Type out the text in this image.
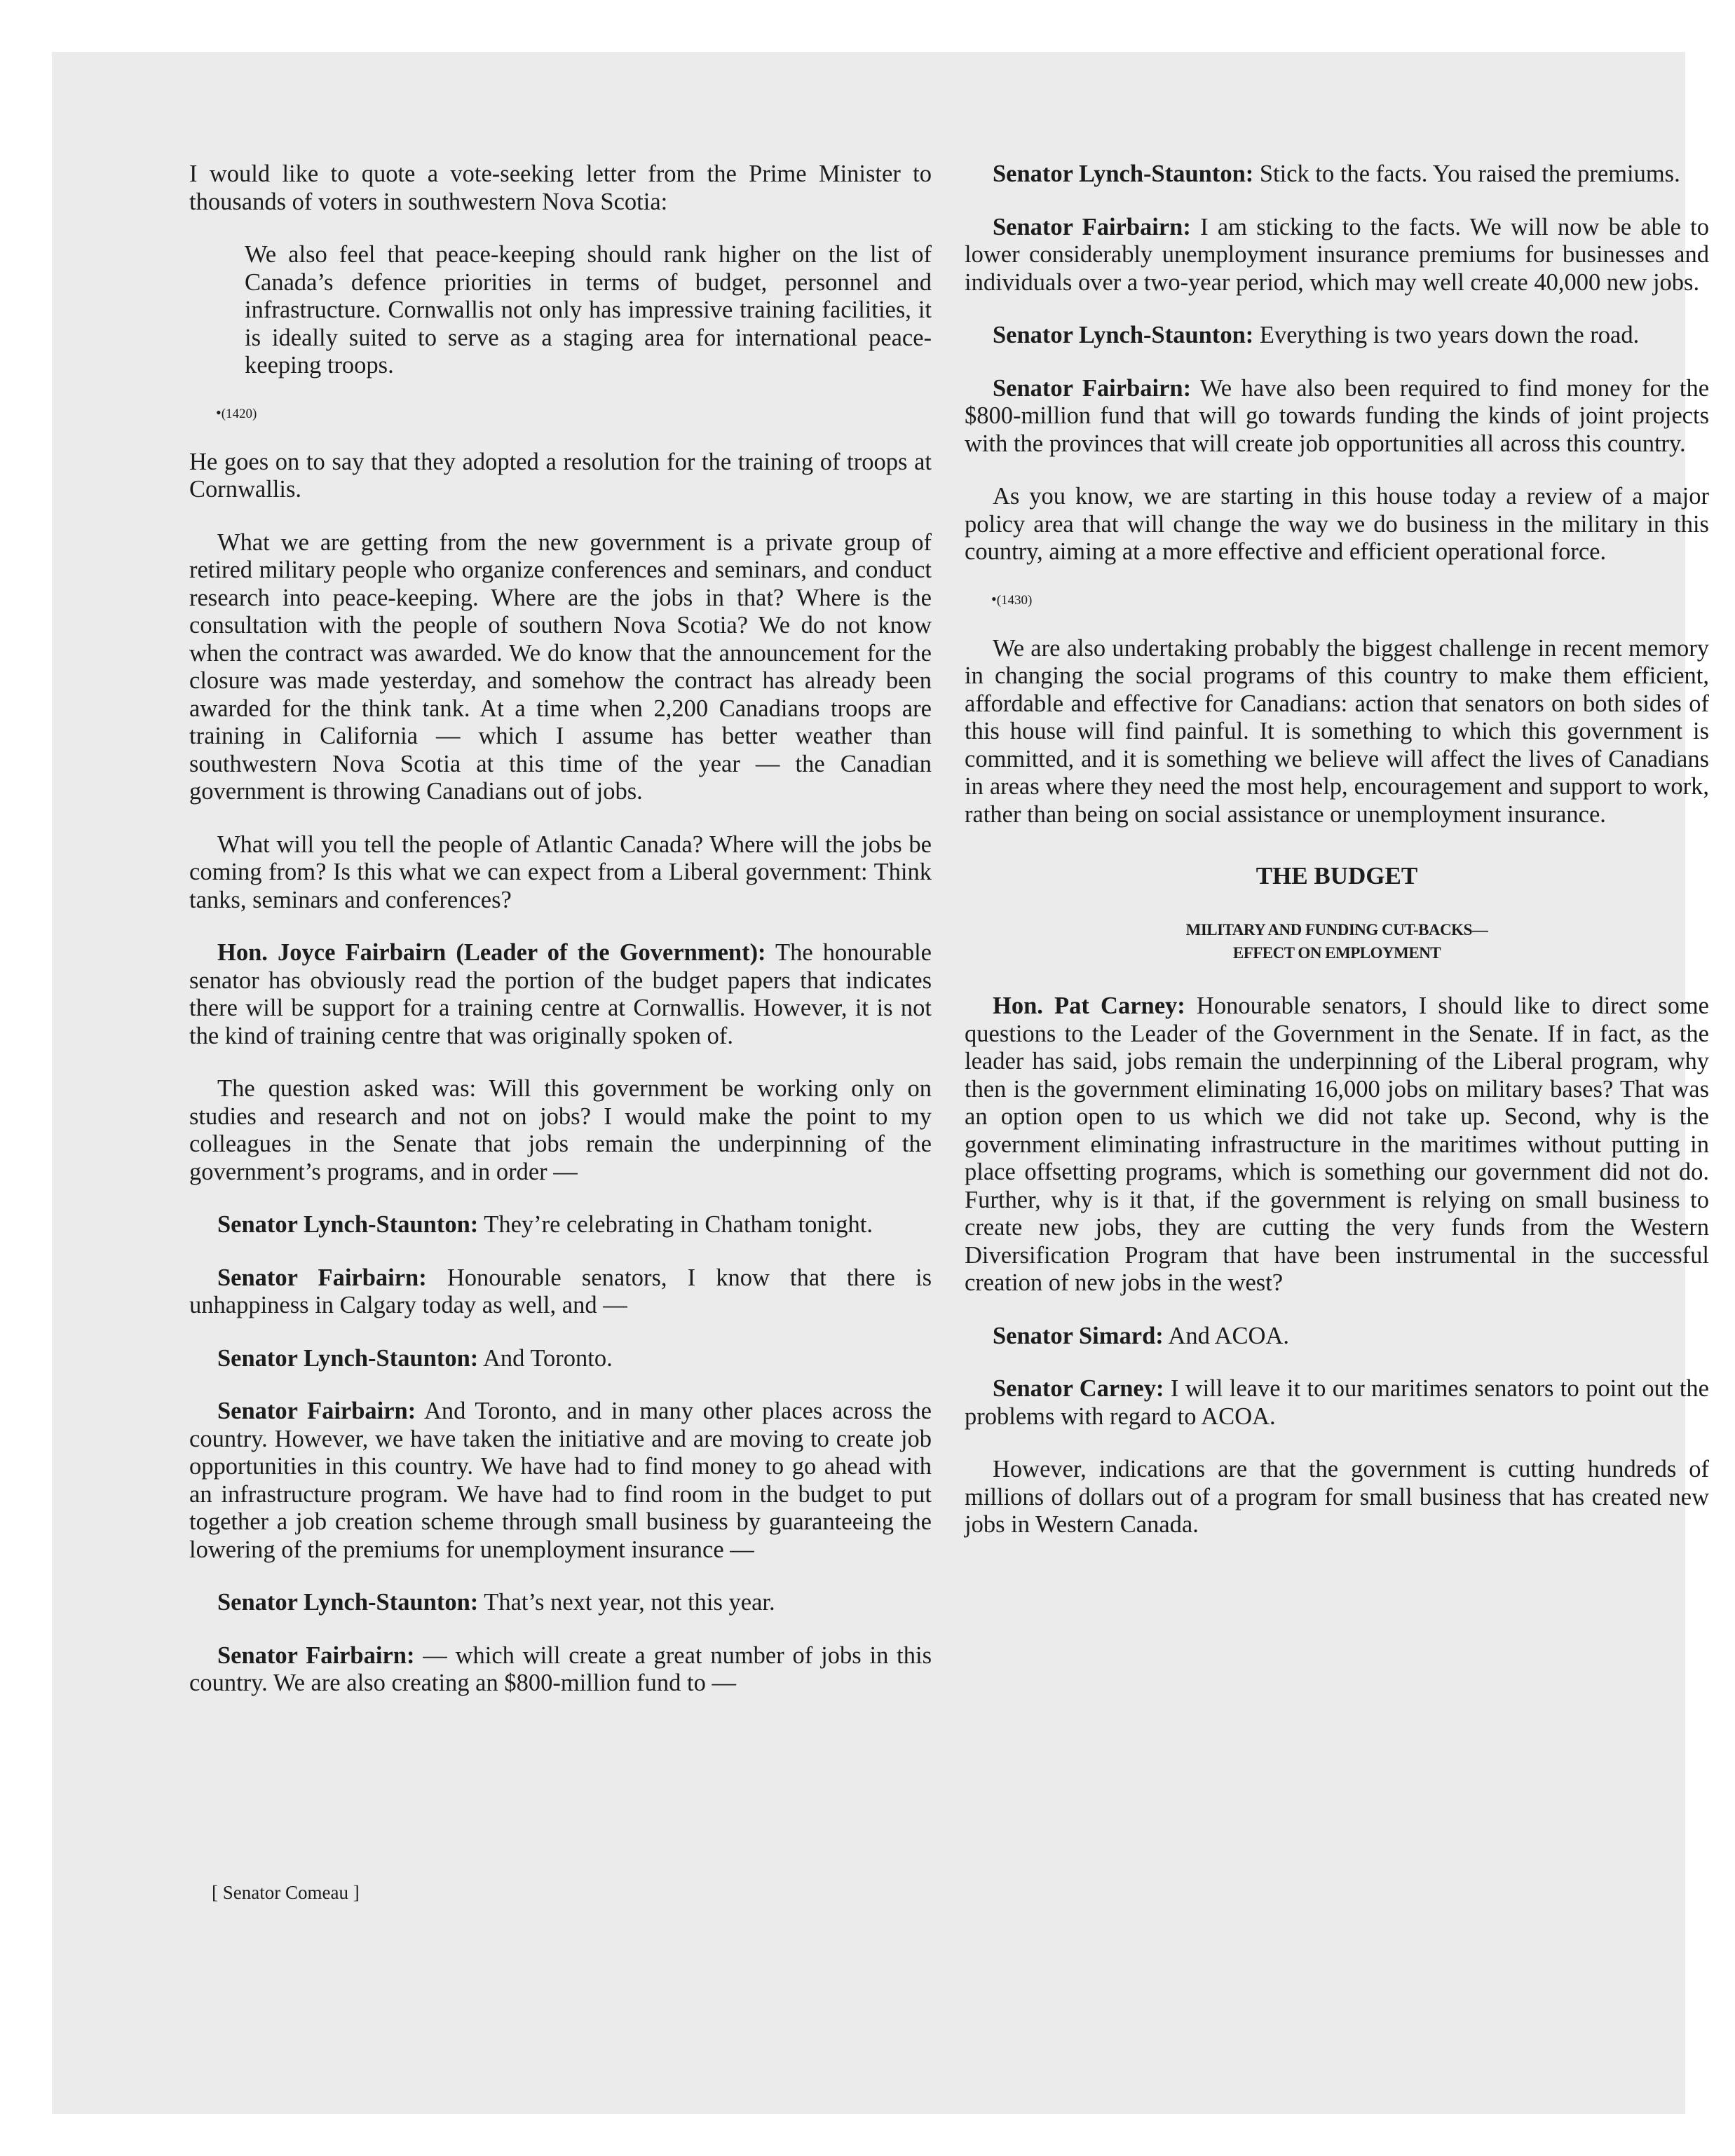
I would like to quote a vote-seeking letter from the Prime Minister to thousands of voters in southwestern Nova Scotia:

We also feel that peace-keeping should rank higher on the list of Canada’s defence priorities in terms of budget, personnel and infrastructure. Cornwallis not only has impressive training facilities, it is ideally suited to serve as a staging area for international peace-keeping troops.

•(1420)

He goes on to say that they adopted a resolution for the training of troops at Cornwallis.

What we are getting from the new government is a private group of retired military people who organize conferences and seminars, and conduct research into peace-keeping. Where are the jobs in that? Where is the consultation with the people of southern Nova Scotia? We do not know when the contract was awarded. We do know that the announcement for the closure was made yesterday, and somehow the contract has already been awarded for the think tank. At a time when 2,200 Canadians troops are training in California — which I assume has better weather than southwestern Nova Scotia at this time of the year — the Canadian government is throwing Canadians out of jobs.

What will you tell the people of Atlantic Canada? Where will the jobs be coming from? Is this what we can expect from a Liberal government: Think tanks, seminars and conferences?

Hon. Joyce Fairbairn (Leader of the Government): The honourable senator has obviously read the portion of the budget papers that indicates there will be support for a training centre at Cornwallis. However, it is not the kind of training centre that was originally spoken of.

The question asked was: Will this government be working only on studies and research and not on jobs? I would make the point to my colleagues in the Senate that jobs remain the underpinning of the government’s programs, and in order —

Senator Lynch-Staunton: They’re celebrating in Chatham tonight.

Senator Fairbairn: Honourable senators, I know that there is unhappiness in Calgary today as well, and —

Senator Lynch-Staunton: And Toronto.

Senator Fairbairn: And Toronto, and in many other places across the country. However, we have taken the initiative and are moving to create job opportunities in this country. We have had to find money to go ahead with an infrastructure program. We have had to find room in the budget to put together a job creation scheme through small business by guaranteeing the lowering of the premiums for unemployment insurance —

Senator Lynch-Staunton: That’s next year, not this year.

Senator Fairbairn: — which will create a great number of jobs in this country. We are also creating an $800-million fund to —

Senator Lynch-Staunton: Stick to the facts. You raised the premiums.

Senator Fairbairn: I am sticking to the facts. We will now be able to lower considerably unemployment insurance premiums for businesses and individuals over a two-year period, which may well create 40,000 new jobs.

Senator Lynch-Staunton: Everything is two years down the road.

Senator Fairbairn: We have also been required to find money for the $800-million fund that will go towards funding the kinds of joint projects with the provinces that will create job opportunities all across this country.

As you know, we are starting in this house today a review of a major policy area that will change the way we do business in the military in this country, aiming at a more effective and efficient operational force.

•(1430)

We are also undertaking probably the biggest challenge in recent memory in changing the social programs of this country to make them efficient, affordable and effective for Canadians: action that senators on both sides of this house will find painful. It is something to which this government is committed, and it is something we believe will affect the lives of Canadians in areas where they need the most help, encouragement and support to work, rather than being on social assistance or unemployment insurance.

THE BUDGET
MILITARY AND FUNDING CUT-BACKS—
EFFECT ON EMPLOYMENT

Hon. Pat Carney: Honourable senators, I should like to direct some questions to the Leader of the Government in the Senate. If in fact, as the leader has said, jobs remain the underpinning of the Liberal program, why then is the government eliminating 16,000 jobs on military bases? That was an option open to us which we did not take up. Second, why is the government eliminating infrastructure in the maritimes without putting in place offsetting programs, which is something our government did not do. Further, why is it that, if the government is relying on small business to create new jobs, they are cutting the very funds from the Western Diversification Program that have been instrumental in the successful creation of new jobs in the west?

Senator Simard: And ACOA.

Senator Carney: I will leave it to our maritimes senators to point out the problems with regard to ACOA.

However, indications are that the government is cutting hundreds of millions of dollars out of a program for small business that has created new jobs in Western Canada.

[ Senator Comeau ]
